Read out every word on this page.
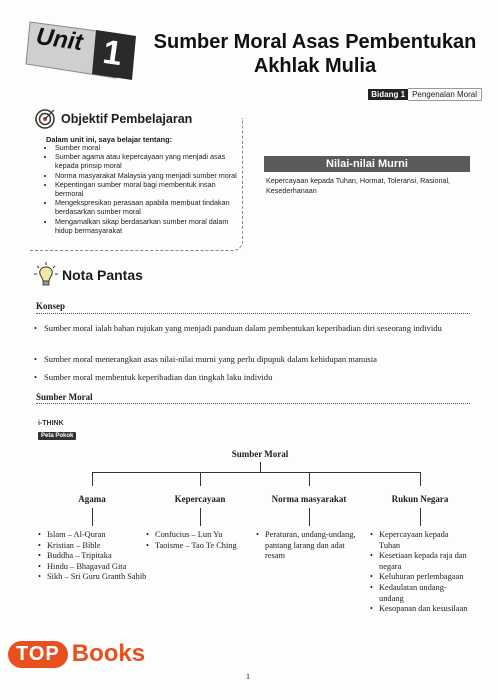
Unit 1 Sumber Moral Asas Pembentukan
Akhlak Mulia
Bidang 1 Pengenalan Moral
Objektif Pembelajaran
Dalam unit ini, saya belajar tentang:
• Sumber moral
• Sumber agama atau kepercayaan yang menjadi asas kepada prinsip moral
• Norma masyarakat Malaysia yang menjadi sumber moral
• Kepentingan sumber moral bagi membentuk insan bermoral
• Mengekspresikan perasaan apabila membuat tindakan berdasarkan sumber moral
• Mengamalkan sikap berdasarkan sumber moral dalam hidup bermasyarakat
Nilai-nilai Murni
Kepercayaan kepada Tuhan, Hormat, Toleransi, Rasional, Kesederhanaan
Nota Pantas
Konsep
• Sumber moral ialah bahan rujukan yang menjadi panduan dalam pembentukan keperibadian diri seseorang individu
• Sumber moral menerangkan asas nilai-nilai murni yang perlu dipupuk dalam kehidupan manusia
• Sumber moral membentuk keperibadian dan tingkah laku individu
Sumber Moral
i-THINK
Peta Pokok
Sumber Moral
Agama	Kepercayaan	Norma masyarakat	Rukun Negara
• Islam – Al-Quran
• Kristian – Bible
• Buddha – Tripitaka
• Hindu – Bhagavad Gita
• Sikh – Sri Guru Granth Sahib
• Confucius – Lun Yu
• Taoisme – Tao Te Ching
• Peraturan, undang-undang, pantang larang dan adat resam
• Kepercayaan kepada Tuhan
• Kesetiaan kepada raja dan negara
• Keluhuran perlembagaan
• Kedaulatan undang-undang
• Kesopanan dan kesusilaan
1
TOP Books
